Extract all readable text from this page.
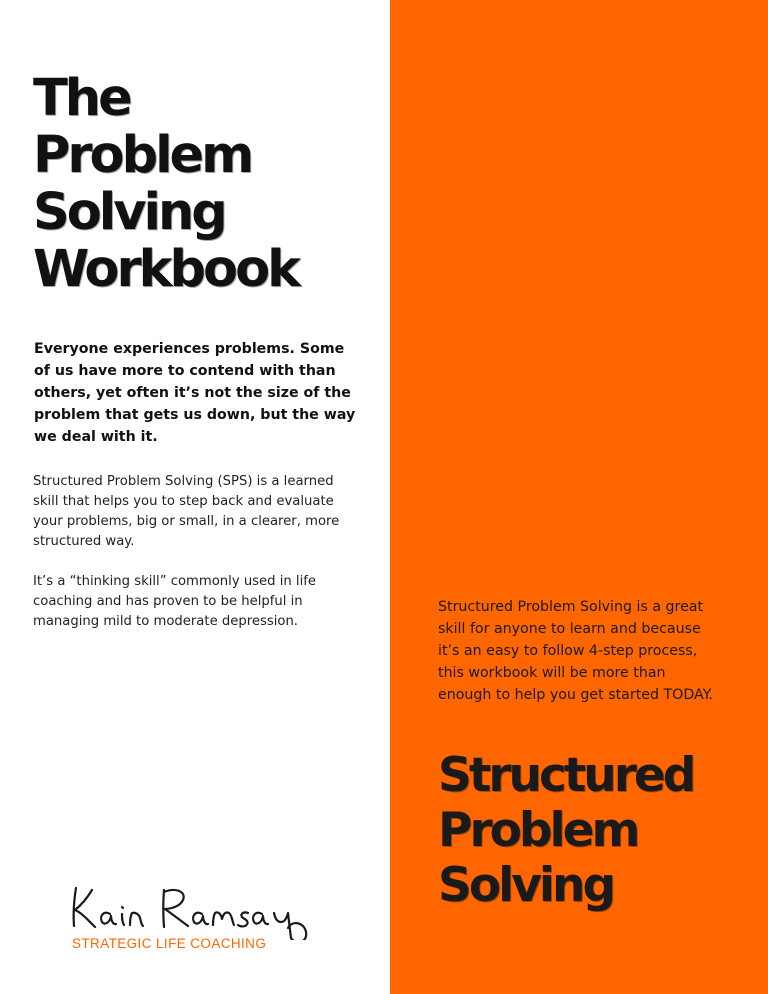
The
Problem
Solving
Workbook

Everyone experiences problems. Some of us have more to contend with than others, yet often it’s not the size of the problem that gets us down, but the way we deal with it.

Structured Problem Solving (SPS) is a learned skill that helps you to step back and evaluate your problems, big or small, in a clearer, more structured way.

It’s a “thinking skill” commonly used in life coaching and has proven to be helpful in managing mild to moderate depression.

Structured Problem Solving is a great skill for anyone to learn and because it’s an easy to follow 4-step process, this workbook will be more than enough to help you get started TODAY.

Structured
Problem
Solving

STRATEGIC LIFE COACHING
